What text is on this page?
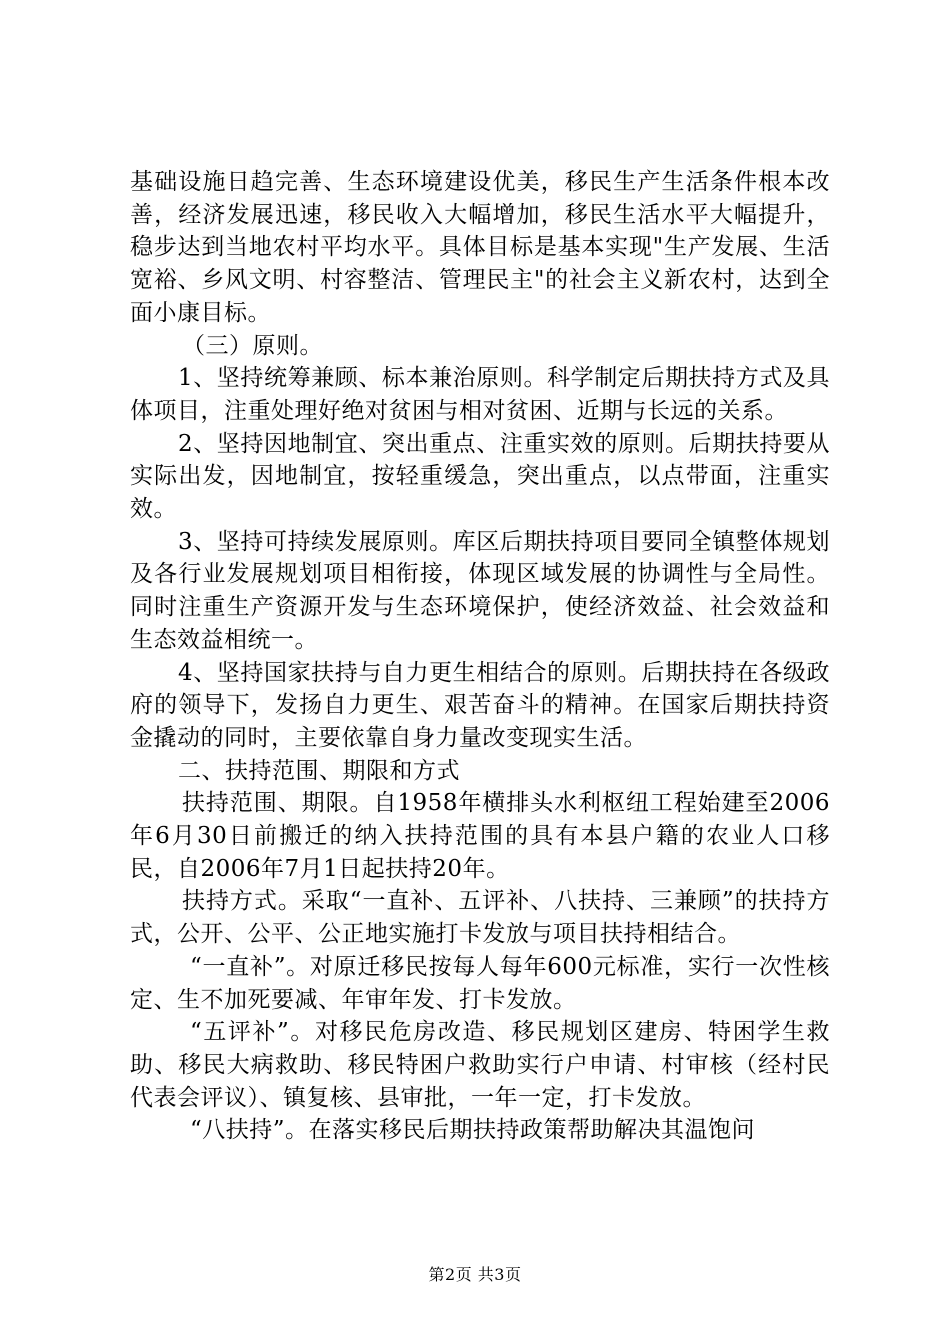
基础设施日趋完善、生态环境建设优美，移民生产生活条件根本改善，经济发展迅速，移民收入大幅增加，移民生活水平大幅提升，稳步达到当地农村平均水平。具体目标是基本实现"生产发展、生活宽裕、乡风文明、村容整洁、管理民主"的社会主义新农村，达到全面小康目标。

（三）原则。

1、坚持统筹兼顾、标本兼治原则。科学制定后期扶持方式及具体项目，注重处理好绝对贫困与相对贫困、近期与长远的关系。

2、坚持因地制宜、突出重点、注重实效的原则。后期扶持要从实际出发，因地制宜，按轻重缓急，突出重点，以点带面，注重实效。

3、坚持可持续发展原则。库区后期扶持项目要同全镇整体规划及各行业发展规划项目相衔接，体现区域发展的协调性与全局性。同时注重生产资源开发与生态环境保护，使经济效益、社会效益和生态效益相统一。

4、坚持国家扶持与自力更生相结合的原则。后期扶持在各级政府的领导下，发扬自力更生、艰苦奋斗的精神。在国家后期扶持资金撬动的同时，主要依靠自身力量改变现实生活。

二、扶持范围、期限和方式

扶持范围、期限。自1958年横排头水利枢纽工程始建至2006年6月30日前搬迁的纳入扶持范围的具有本县户籍的农业人口移民，自2006年7月1日起扶持20年。

扶持方式。采取“一直补、五评补、八扶持、三兼顾”的扶持方式，公开、公平、公正地实施打卡发放与项目扶持相结合。

“一直补”。对原迁移民按每人每年600元标准，实行一次性核定、生不加死要减、年审年发、打卡发放。

“五评补”。对移民危房改造、移民规划区建房、特困学生救助、移民大病救助、移民特困户救助实行户申请、村审核（经村民代表会评议）、镇复核、县审批，一年一定，打卡发放。

“八扶持”。在落实移民后期扶持政策帮助解决其温饱问

第2页 共3页
